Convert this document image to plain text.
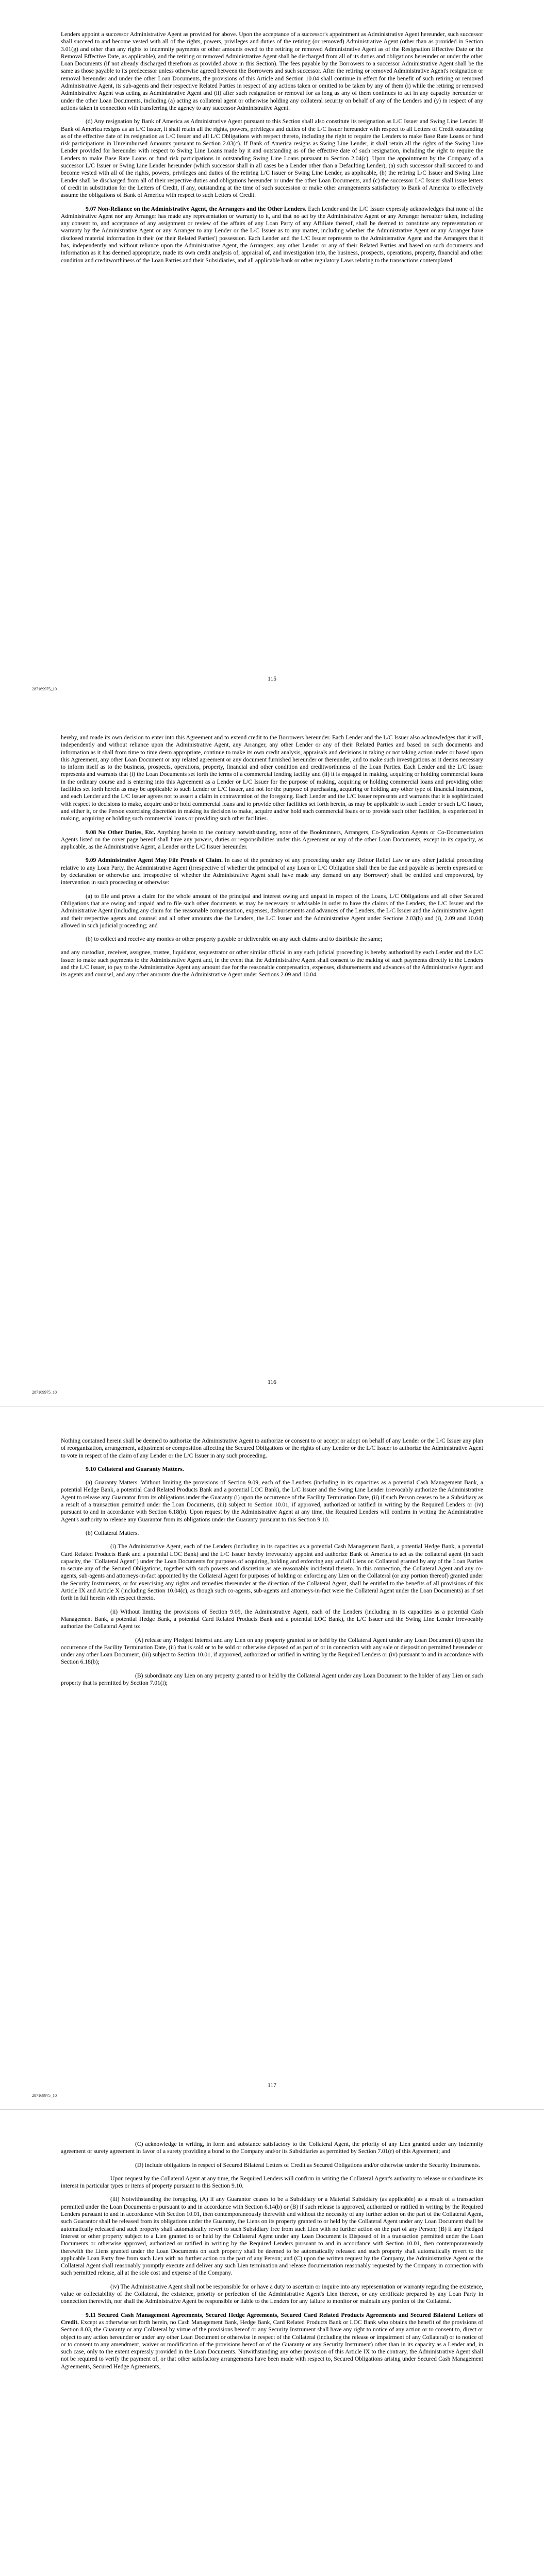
Lenders appoint a successor Administrative Agent as provided for above. Upon the acceptance of a successor's appointment as Administrative Agent hereunder, such successor shall succeed to and become vested with all of the rights, powers, privileges and duties of the retiring (or removed) Administrative Agent (other than as provided in Section 3.01(g) and other than any rights to indemnity payments or other amounts owed to the retiring or removed Administrative Agent as of the Resignation Effective Date or the Removal Effective Date, as applicable), and the retiring or removed Administrative Agent shall be discharged from all of its duties and obligations hereunder or under the other Loan Documents (if not already discharged therefrom as provided above in this Section). The fees payable by the Borrowers to a successor Administrative Agent shall be the same as those payable to its predecessor unless otherwise agreed between the Borrowers and such successor. After the retiring or removed Administrative Agent's resignation or removal hereunder and under the other Loan Documents, the provisions of this Article and Section 10.04 shall continue in effect for the benefit of such retiring or removed Administrative Agent, its sub-agents and their respective Related Parties in respect of any actions taken or omitted to be taken by any of them (i) while the retiring or removed Administrative Agent was acting as Administrative Agent and (ii) after such resignation or removal for as long as any of them continues to act in any capacity hereunder or under the other Loan Documents, including (a) acting as collateral agent or otherwise holding any collateral security on behalf of any of the Lenders and (y) in respect of any actions taken in connection with transferring the agency to any successor Administrative Agent.

(d) Any resignation by Bank of America as Administrative Agent pursuant to this Section shall also constitute its resignation as L/C Issuer and Swing Line Lender. If Bank of America resigns as an L/C Issuer, it shall retain all the rights, powers, privileges and duties of the L/C Issuer hereunder with respect to all Letters of Credit outstanding as of the effective date of its resignation as L/C Issuer and all L/C Obligations with respect thereto, including the right to require the Lenders to make Base Rate Loans or fund risk participations in Unreimbursed Amounts pursuant to Section 2.03(c). If Bank of America resigns as Swing Line Lender, it shall retain all the rights of the Swing Line Lender provided for hereunder with respect to Swing Line Loans made by it and outstanding as of the effective date of such resignation, including the right to require the Lenders to make Base Rate Loans or fund risk participations in outstanding Swing Line Loans pursuant to Section 2.04(c). Upon the appointment by the Company of a successor L/C Issuer or Swing Line Lender hereunder (which successor shall in all cases be a Lender other than a Defaulting Lender), (a) such successor shall succeed to and become vested with all of the rights, powers, privileges and duties of the retiring L/C Issuer or Swing Line Lender, as applicable, (b) the retiring L/C Issuer and Swing Line Lender shall be discharged from all of their respective duties and obligations hereunder or under the other Loan Documents, and (c) the successor L/C Issuer shall issue letters of credit in substitution for the Letters of Credit, if any, outstanding at the time of such succession or make other arrangements satisfactory to Bank of America to effectively assume the obligations of Bank of America with respect to such Letters of Credit.

9.07 Non-Reliance on the Administrative Agent, the Arrangers and the Other Lenders. Each Lender and the L/C Issuer expressly acknowledges that none of the Administrative Agent nor any Arranger has made any representation or warranty to it, and that no act by the Administrative Agent or any Arranger hereafter taken, including any consent to, and acceptance of any assignment or review of the affairs of any Loan Party of any Affiliate thereof, shall be deemed to constitute any representation or warranty by the Administrative Agent or any Arranger to any Lender or the L/C Issuer as to any matter, including whether the Administrative Agent or any Arranger have disclosed material information in their (or their Related Parties') possession. Each Lender and the L/C Issuer represents to the Administrative Agent and the Arrangers that it has, independently and without reliance upon the Administrative Agent, the Arrangers, any other Lender or any of their Related Parties and based on such documents and information as it has deemed appropriate, made its own credit analysis of, appraisal of, and investigation into, the business, prospects, operations, property, financial and other condition and creditworthiness of the Loan Parties and their Subsidiaries, and all applicable bank or other regulatory Laws relating to the transactions contemplated

115
287169975_10

hereby, and made its own decision to enter into this Agreement and to extend credit to the Borrowers hereunder. Each Lender and the L/C Issuer also acknowledges that it will, independently and without reliance upon the Administrative Agent, any Arranger, any other Lender or any of their Related Parties and based on such documents and information as it shall from time to time deem appropriate, continue to make its own credit analysis, appraisals and decisions in taking or not taking action under or based upon this Agreement, any other Loan Document or any related agreement or any document furnished hereunder or thereunder, and to make such investigations as it deems necessary to inform itself as to the business, prospects, operations, property, financial and other condition and creditworthiness of the Loan Parties. Each Lender and the L/C Issuer represents and warrants that (i) the Loan Documents set forth the terms of a commercial lending facility and (ii) it is engaged in making, acquiring or holding commercial loans in the ordinary course and is entering into this Agreement as a Lender or L/C Issuer for the purpose of making, acquiring or holding commercial loans and providing other facilities set forth herein as may be applicable to such Lender or L/C Issuer, and not for the purpose of purchasing, acquiring or holding any other type of financial instrument, and each Lender and the L/C Issuer agrees not to assert a claim in contravention of the foregoing. Each Lender and the L/C Issuer represents and warrants that it is sophisticated with respect to decisions to make, acquire and/or hold commercial loans and to provide other facilities set forth herein, as may be applicable to such Lender or such L/C Issuer, and either it, or the Person exercising discretion in making its decision to make, acquire and/or hold such commercial loans or to provide such other facilities, is experienced in making, acquiring or holding such commercial loans or providing such other facilities.

9.08 No Other Duties, Etc. Anything herein to the contrary notwithstanding, none of the Bookrunners, Arrangers, Co-Syndication Agents or Co-Documentation Agents listed on the cover page hereof shall have any powers, duties or responsibilities under this Agreement or any of the other Loan Documents, except in its capacity, as applicable, as the Administrative Agent, a Lender or the L/C Issuer hereunder.

9.09 Administrative Agent May File Proofs of Claim. In case of the pendency of any proceeding under any Debtor Relief Law or any other judicial proceeding relative to any Loan Party, the Administrative Agent (irrespective of whether the principal of any Loan or L/C Obligation shall then be due and payable as herein expressed or by declaration or otherwise and irrespective of whether the Administrative Agent shall have made any demand on any Borrower) shall be entitled and empowered, by intervention in such proceeding or otherwise:

(a) to file and prove a claim for the whole amount of the principal and interest owing and unpaid in respect of the Loans, L/C Obligations and all other Secured Obligations that are owing and unpaid and to file such other documents as may be necessary or advisable in order to have the claims of the Lenders, the L/C Issuer and the Administrative Agent (including any claim for the reasonable compensation, expenses, disbursements and advances of the Lenders, the L/C Issuer and the Administrative Agent and their respective agents and counsel and all other amounts due the Lenders, the L/C Issuer and the Administrative Agent under Sections 2.03(h) and (i), 2.09 and 10.04) allowed in such judicial proceeding; and

(b) to collect and receive any monies or other property payable or deliverable on any such claims and to distribute the same;

and any custodian, receiver, assignee, trustee, liquidator, sequestrator or other similar official in any such judicial proceeding is hereby authorized by each Lender and the L/C Issuer to make such payments to the Administrative Agent and, in the event that the Administrative Agent shall consent to the making of such payments directly to the Lenders and the L/C Issuer, to pay to the Administrative Agent any amount due for the reasonable compensation, expenses, disbursements and advances of the Administrative Agent and its agents and counsel, and any other amounts due the Administrative Agent under Sections 2.09 and 10.04.

116
287169975_10

Nothing contained herein shall be deemed to authorize the Administrative Agent to authorize or consent to or accept or adopt on behalf of any Lender or the L/C Issuer any plan of reorganization, arrangement, adjustment or composition affecting the Secured Obligations or the rights of any Lender or the L/C Issuer to authorize the Administrative Agent to vote in respect of the claim of any Lender or the L/C Issuer in any such proceeding.

9.10 Collateral and Guaranty Matters.

(a) Guaranty Matters. Without limiting the provisions of Section 9.09, each of the Lenders (including in its capacities as a potential Cash Management Bank, a potential Hedge Bank, a potential Card Related Products Bank and a potential LOC Bank), the L/C Issuer and the Swing Line Lender irrevocably authorize the Administrative Agent to release any Guarantor from its obligations under the Guaranty (i) upon the occurrence of the Facility Termination Date, (ii) if such Person ceases to be a Subsidiary as a result of a transaction permitted under the Loan Documents, (iii) subject to Section 10.01, if approved, authorized or ratified in writing by the Required Lenders or (iv) pursuant to and in accordance with Section 6.18(b). Upon request by the Administrative Agent at any time, the Required Lenders will confirm in writing the Administrative Agent's authority to release any Guarantor from its obligations under the Guaranty pursuant to this Section 9.10.

(b) Collateral Matters.

(i) The Administrative Agent, each of the Lenders (including in its capacities as a potential Cash Management Bank, a potential Hedge Bank, a potential Card Related Products Bank and a potential LOC Bank) and the L/C Issuer hereby irrevocably appoint and authorize Bank of America to act as the collateral agent (in such capacity, the "Collateral Agent") under the Loan Documents for purposes of acquiring, holding and enforcing any and all Liens on Collateral granted by any of the Loan Parties to secure any of the Secured Obligations, together with such powers and discretion as are reasonably incidental thereto. In this connection, the Collateral Agent and any co-agents, sub-agents and attorneys-in-fact appointed by the Collateral Agent for purposes of holding or enforcing any Lien on the Collateral (or any portion thereof) granted under the Security Instruments, or for exercising any rights and remedies thereunder at the direction of the Collateral Agent, shall be entitled to the benefits of all provisions of this Article IX and Article X (including Section 10.04(c), as though such co-agents, sub-agents and attorneys-in-fact were the Collateral Agent under the Loan Documents) as if set forth in full herein with respect thereto.

(ii) Without limiting the provisions of Section 9.09, the Administrative Agent, each of the Lenders (including in its capacities as a potential Cash Management Bank, a potential Hedge Bank, a potential Card Related Products Bank and a potential LOC Bank), the L/C Issuer and the Swing Line Lender irrevocably authorize the Collateral Agent to:

(A) release any Pledged Interest and any Lien on any property granted to or held by the Collateral Agent under any Loan Document (i) upon the occurrence of the Facility Termination Date, (ii) that is sold or to be sold or otherwise disposed of as part of or in connection with any sale or disposition permitted hereunder or under any other Loan Document, (iii) subject to Section 10.01, if approved, authorized or ratified in writing by the Required Lenders or (iv) pursuant to and in accordance with Section 6.18(b);

(B) subordinate any Lien on any property granted to or held by the Collateral Agent under any Loan Document to the holder of any Lien on such property that is permitted by Section 7.01(i);

117
287169975_10

(C) acknowledge in writing, in form and substance satisfactory to the Collateral Agent, the priority of any Lien granted under any indemnity agreement or surety agreement in favor of a surety providing a bond to the Company and/or its Subsidiaries as permitted by Section 7.01(r) of this Agreement; and

(D) include obligations in respect of Secured Bilateral Letters of Credit as Secured Obligations and/or otherwise under the Security Instruments.

Upon request by the Collateral Agent at any time, the Required Lenders will confirm in writing the Collateral Agent's authority to release or subordinate its interest in particular types or items of property pursuant to this Section 9.10.

(iii) Notwithstanding the foregoing, (A) if any Guarantor ceases to be a Subsidiary or a Material Subsidiary (as applicable) as a result of a transaction permitted under the Loan Documents or pursuant to and in accordance with Section 6.14(b) or (B) if such release is approved, authorized or ratified in writing by the Required Lenders pursuant to and in accordance with Section 10.01, then contemporaneously therewith and without the necessity of any further action on the part of the Collateral Agent, such Guarantor shall be released from its obligations under the Guaranty, the Liens on its property granted to or held by the Collateral Agent under any Loan Document shall be automatically released and such property shall automatically revert to such Subsidiary free from such Lien with no further action on the part of any Person; (B) if any Pledged Interest or other property subject to a Lien granted to or held by the Collateral Agent under any Loan Document is Disposed of in a transaction permitted under the Loan Documents or otherwise approved, authorized or ratified in writing by the Required Lenders pursuant to and in accordance with Section 10.01, then contemporaneously therewith the Liens granted under the Loan Documents on such property shall be deemed to be automatically released and such property shall automatically revert to the applicable Loan Party free from such Lien with no further action on the part of any Person; and (C) upon the written request by the Company, the Administrative Agent or the Collateral Agent shall reasonably promptly execute and deliver any such Lien termination and release documentation reasonably requested by the Company in connection with such permitted release, all at the sole cost and expense of the Company.

(iv) The Administrative Agent shall not be responsible for or have a duty to ascertain or inquire into any representation or warranty regarding the existence, value or collectability of the Collateral, the existence, priority or perfection of the Administrative Agent's Lien thereon, or any certificate prepared by any Loan Party in connection therewith, nor shall the Administrative Agent be responsible or liable to the Lenders for any failure to monitor or maintain any portion of the Collateral.

9.11 Secured Cash Management Agreements, Secured Hedge Agreements, Secured Card Related Products Agreements and Secured Bilateral Letters of Credit. Except as otherwise set forth herein, no Cash Management Bank, Hedge Bank, Card Related Products Bank or LOC Bank who obtains the benefit of the provisions of Section 8.03, the Guaranty or any Collateral by virtue of the provisions hereof or any Security Instrument shall have any right to notice of any action or to consent to, direct or object to any action hereunder or under any other Loan Document or otherwise in respect of the Collateral (including the release or impairment of any Collateral) or to notice of or to consent to any amendment, waiver or modification of the provisions hereof or of the Guaranty or any Security Instrument) other than in its capacity as a Lender and, in such case, only to the extent expressly provided in the Loan Documents. Notwithstanding any other provision of this Article IX to the contrary, the Administrative Agent shall not be required to verify the payment of, or that other satisfactory arrangements have been made with respect to, Secured Obligations arising under Secured Cash Management Agreements, Secured Hedge Agreements,
